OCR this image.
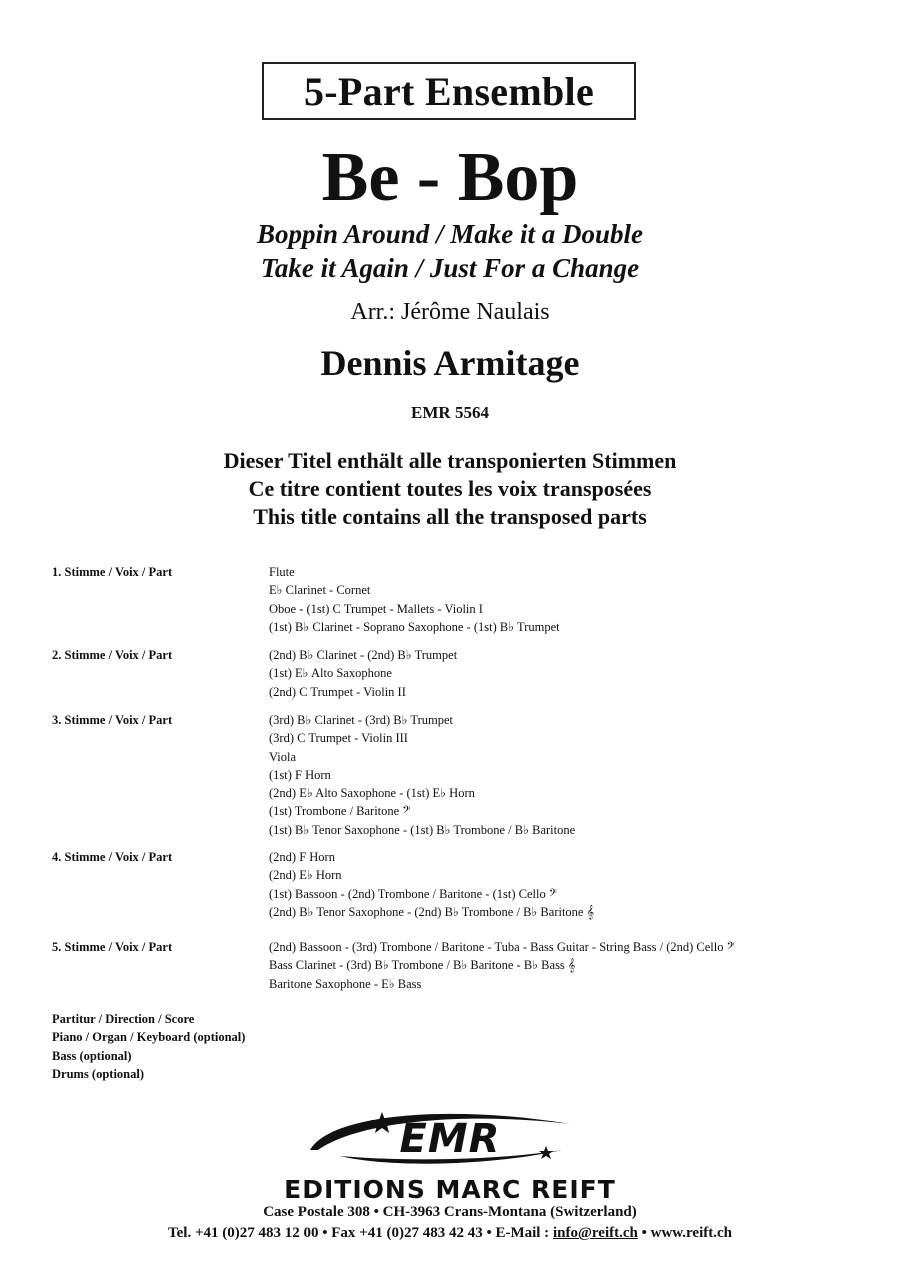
5-Part Ensemble
Be - Bop
Boppin Around / Make it a Double
Take it Again / Just For a Change
Arr.: Jérôme Naulais
Dennis Armitage
EMR 5564
Dieser Titel enthält alle transponierten Stimmen
Ce titre contient toutes les voix transposées
This title contains all the transposed parts
1. Stimme / Voix / Part	Flute
E♭ Clarinet - Cornet
Oboe - (1st) C Trumpet - Mallets - Violin I
(1st) B♭ Clarinet - Soprano Saxophone - (1st) B♭ Trumpet
2. Stimme / Voix / Part	(2nd) B♭ Clarinet - (2nd) B♭ Trumpet
(1st) E♭ Alto Saxophone
(2nd) C Trumpet - Violin II
3. Stimme / Voix / Part	(3rd) B♭ Clarinet - (3rd) B♭ Trumpet
(3rd) C Trumpet - Violin III
Viola
(1st) F Horn
(2nd) E♭ Alto Saxophone - (1st) E♭ Horn
(1st) Trombone / Baritone 𝄢
(1st) B♭ Tenor Saxophone - (1st) B♭ Trombone / B♭ Baritone
4. Stimme / Voix / Part	(2nd) F Horn
(2nd) E♭ Horn
(1st) Bassoon - (2nd) Trombone / Baritone - (1st) Cello 𝄢
(2nd) B♭ Tenor Saxophone - (2nd) B♭ Trombone / B♭ Baritone 𝄞
5. Stimme / Voix / Part	(2nd) Bassoon - (3rd) Trombone / Baritone - Tuba - Bass Guitar - String Bass / (2nd) Cello 𝄢
Bass Clarinet - (3rd) B♭ Trombone / B♭ Baritone - B♭ Bass 𝄞
Baritone Saxophone - E♭ Bass
Partitur / Direction / Score
Piano / Organ / Keyboard (optional)
Bass (optional)
Drums (optional)
EMR
EDITIONS MARC REIFT
Case Postale 308 • CH-3963 Crans-Montana (Switzerland)
Tel. +41 (0)27 483 12 00 • Fax +41 (0)27 483 42 43 • E-Mail : info@reift.ch • www.reift.ch
